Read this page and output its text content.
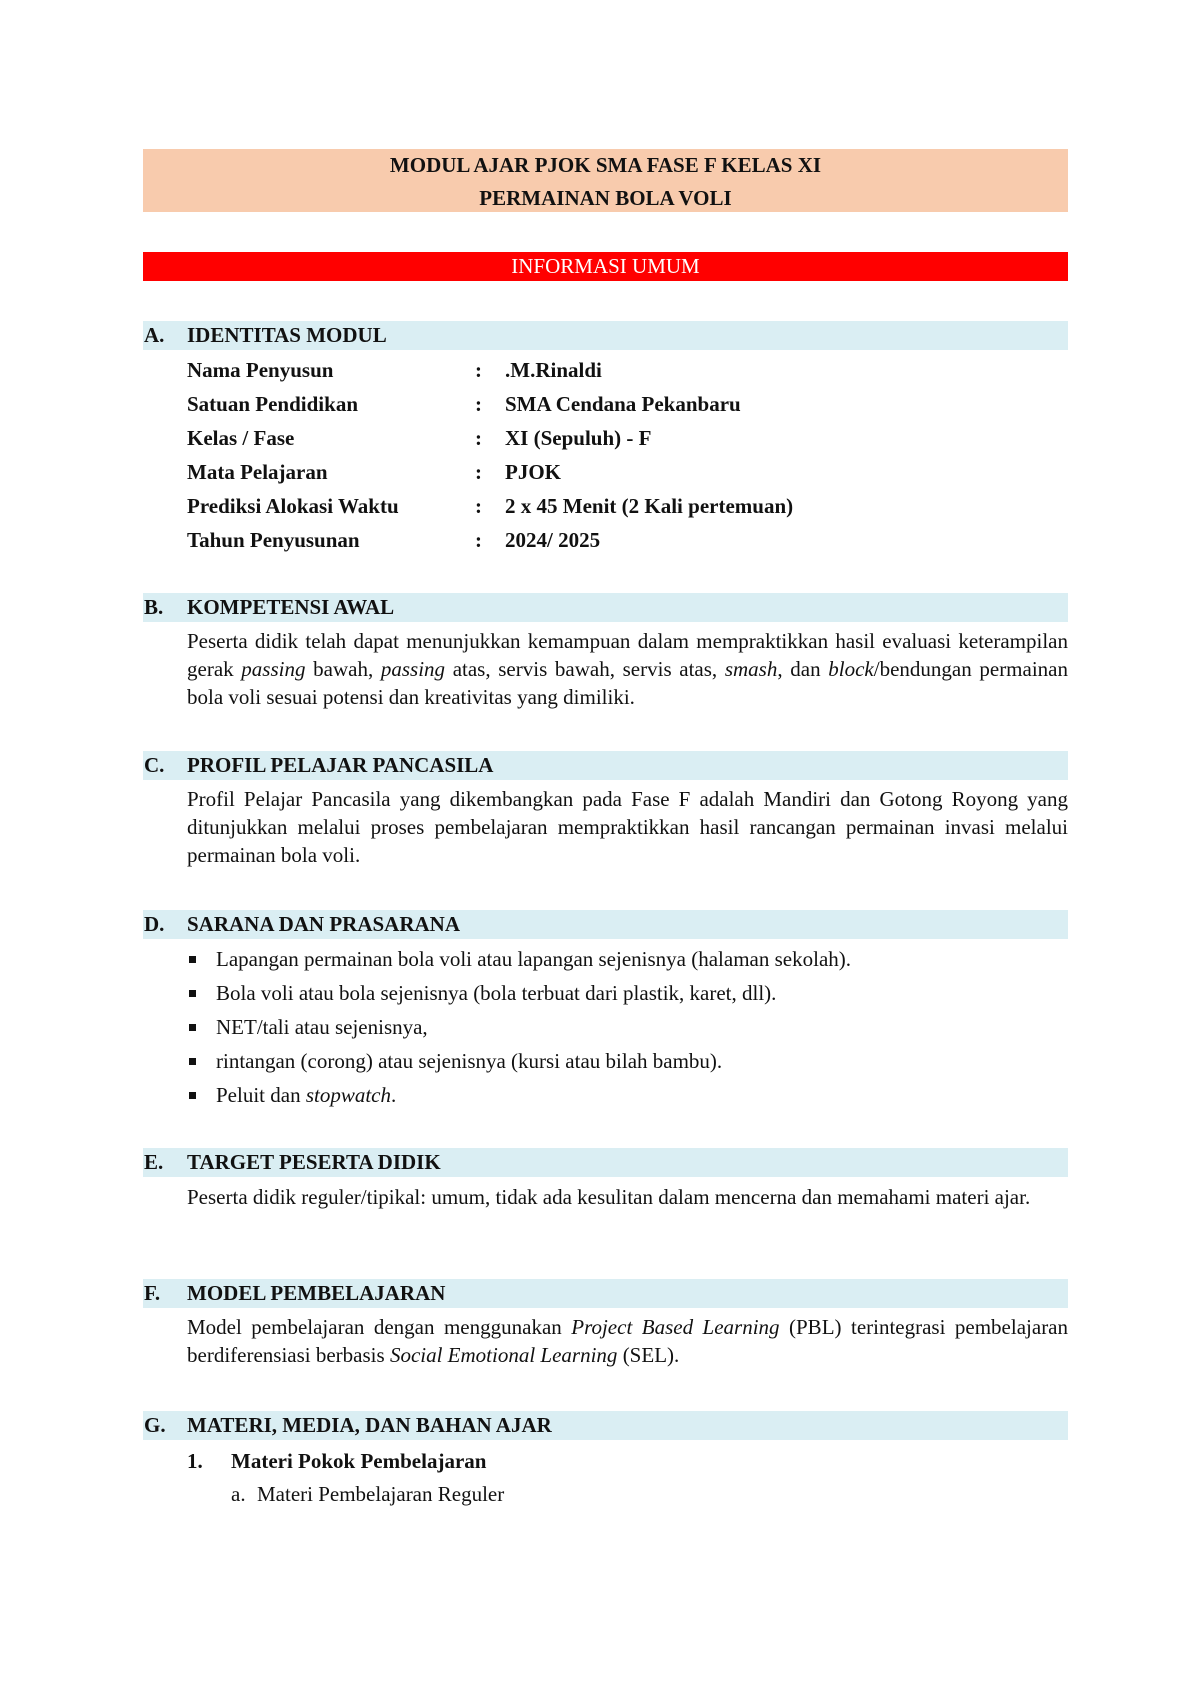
MODUL AJAR PJOK SMA FASE F KELAS XI
PERMAINAN BOLA VOLI
INFORMASI UMUM
A. IDENTITAS MODUL
Nama Penyusun	: .M.Rinaldi
Satuan Pendidikan	: SMA Cendana Pekanbaru
Kelas / Fase	: XI (Sepuluh) - F
Mata Pelajaran	: PJOK
Prediksi Alokasi Waktu	: 2 x 45 Menit (2 Kali pertemuan)
Tahun Penyusunan	: 2024/ 2025
B. KOMPETENSI AWAL
Peserta didik telah dapat menunjukkan kemampuan dalam mempraktikkan hasil evaluasi keterampilan gerak passing bawah, passing atas, servis bawah, servis atas, smash, dan block/bendungan permainan bola voli sesuai potensi dan kreativitas yang dimiliki.
C. PROFIL PELAJAR PANCASILA
Profil Pelajar Pancasila yang dikembangkan pada Fase F adalah Mandiri dan Gotong Royong yang ditunjukkan melalui proses pembelajaran mempraktikkan hasil rancangan permainan invasi melalui permainan bola voli.
D. SARANA DAN PRASARANA
Lapangan permainan bola voli atau lapangan sejenisnya (halaman sekolah).
Bola voli atau bola sejenisnya (bola terbuat dari plastik, karet, dll).
NET/tali atau sejenisnya,
rintangan (corong) atau sejenisnya (kursi atau bilah bambu).
Peluit dan stopwatch.
E. TARGET PESERTA DIDIK
Peserta didik reguler/tipikal: umum, tidak ada kesulitan dalam mencerna dan memahami materi ajar.
F. MODEL PEMBELAJARAN
Model pembelajaran dengan menggunakan Project Based Learning (PBL) terintegrasi pembelajaran berdiferensiasi berbasis Social Emotional Learning (SEL).
G. MATERI, MEDIA, DAN BAHAN AJAR
1. Materi Pokok Pembelajaran
a. Materi Pembelajaran Reguler
